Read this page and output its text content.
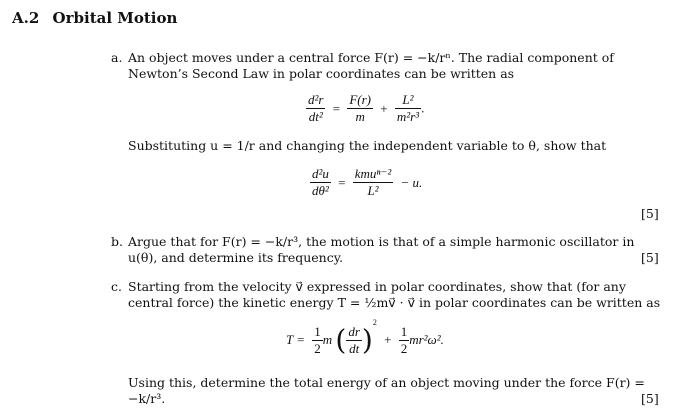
A.2 Orbital Motion
a. An object moves under a central force F(r) = −k/rⁿ. The radial component of
Newton’s Second Law in polar coordinates can be written as
$\frac{\text{d²r}}{\text{dt²}} = \frac{F(r)}{m} + \frac{\text{L²}}{\text{m²r³}}$ .
Substituting u = 1/r and changing the independent variable to θ, show that
$\frac{\text{d²u}}{\text{dθ²}} = \frac{\text{kmuⁿ⁻²}}{\text{L²}} - u$.
[5]
b. Argue that for F(r) = −k/r³, the motion is that of a simple harmonic oscillator in
u(θ), and determine its frequency.	[5]
c. Starting from the velocity v⃗ expressed in polar coordinates, show that (for any
central force) the kinetic energy T = ½mv⃗ · v⃗ in polar coordinates can be written as
$T = \frac{1}{2}$ m ( $\frac{dr}{dt} )^2 + \frac{1}{2} mr^2\omega^2$.
Using this, determine the total energy of an object moving under the force F(r) =
−k/r³.	[5]
